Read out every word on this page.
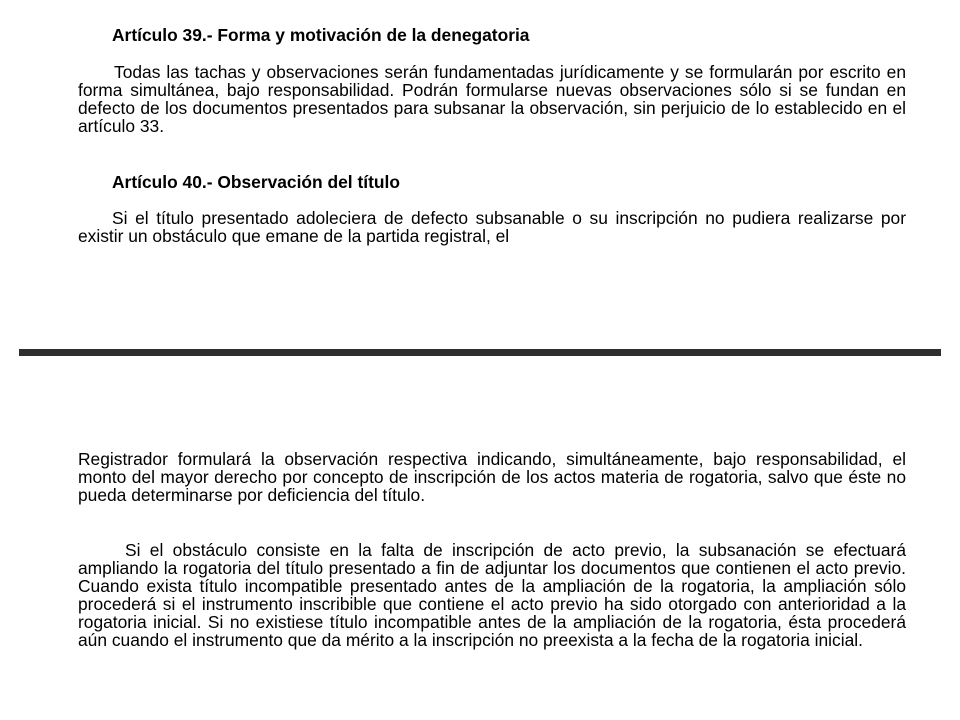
Artículo 39.- Forma y motivación de la denegatoria

Todas las tachas y observaciones serán fundamentadas jurídicamente y se formularán por escrito en forma simultánea, bajo responsabilidad. Podrán formularse nuevas observaciones sólo si se fundan en defecto de los documentos presentados para subsanar la observación, sin perjuicio de lo establecido en el artículo 33.

Artículo 40.- Observación del título

Si el título presentado adoleciera de defecto subsanable o su inscripción no pudiera realizarse por existir un obstáculo que emane de la partida registral, el

Registrador formulará la observación respectiva indicando, simultáneamente, bajo responsabilidad, el monto del mayor derecho por concepto de inscripción de los actos materia de rogatoria, salvo que éste no pueda determinarse por deficiencia del título.

Si el obstáculo consiste en la falta de inscripción de acto previo, la subsanación se efectuará ampliando la rogatoria del título presentado a fin de adjuntar los documentos que contienen el acto previo. Cuando exista título incompatible presentado antes de la ampliación de la rogatoria, la ampliación sólo procederá si el instrumento inscribible que contiene el acto previo ha sido otorgado con anterioridad a la rogatoria inicial. Si no existiese título incompatible antes de la ampliación de la rogatoria, ésta procederá aún cuando el instrumento que da mérito a la inscripción no preexista a la fecha de la rogatoria inicial.
